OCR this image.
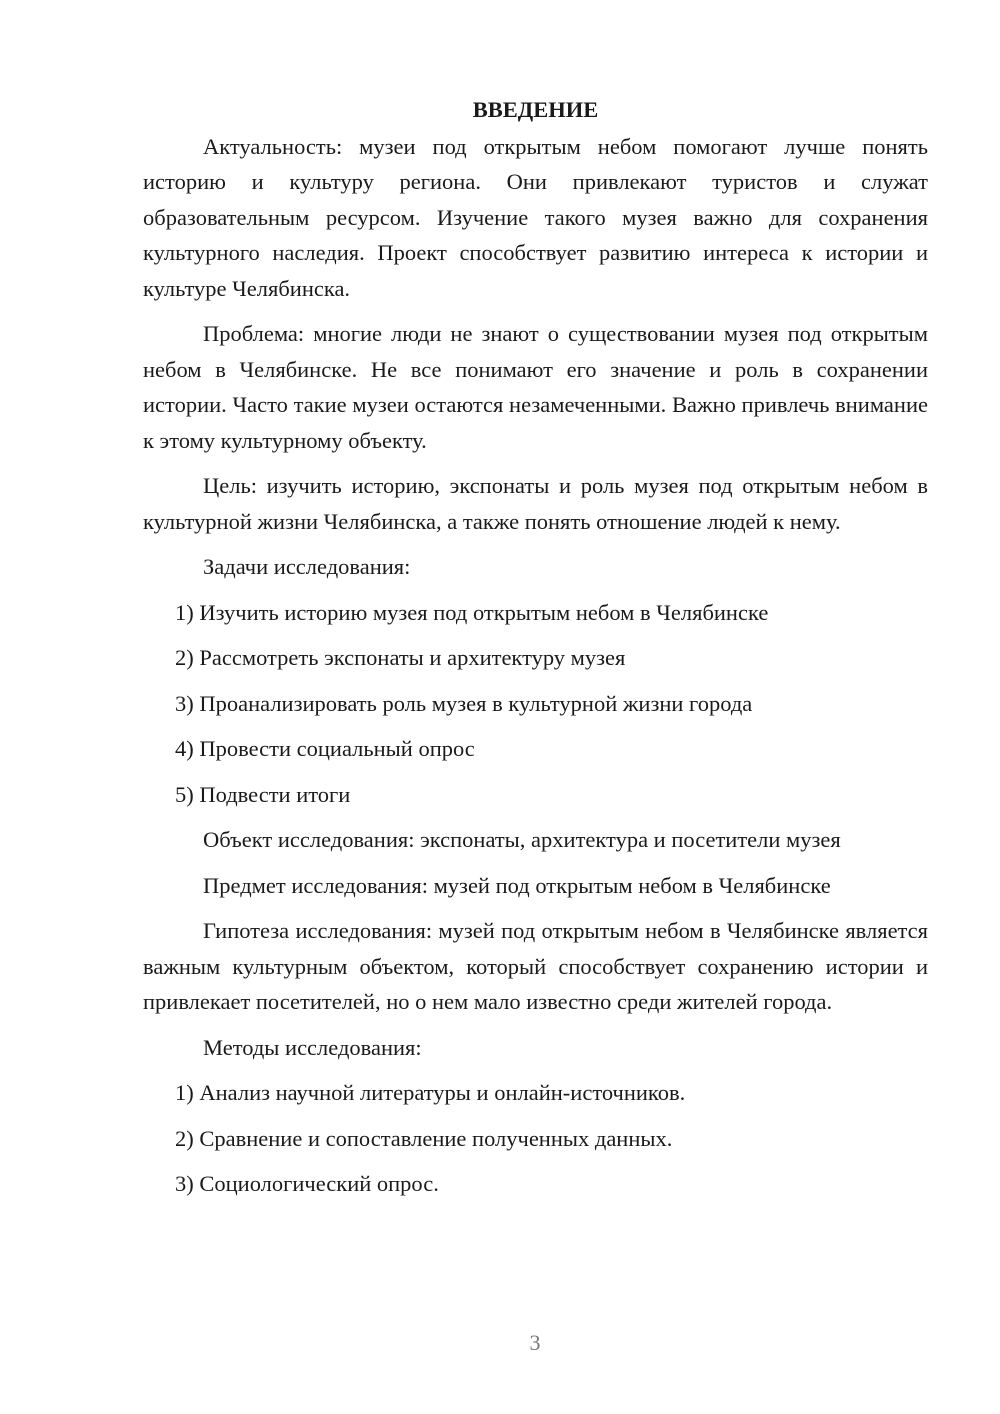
ВВЕДЕНИЕ

Актуальность: музеи под открытым небом помогают лучше понять историю и культуру региона. Они привлекают туристов и служат образовательным ресурсом. Изучение такого музея важно для сохранения культурного наследия. Проект способствует развитию интереса к истории и культуре Челябинска.

Проблема: многие люди не знают о существовании музея под открытым небом в Челябинске. Не все понимают его значение и роль в сохранении истории. Часто такие музеи остаются незамеченными. Важно привлечь внимание к этому культурному объекту.

Цель: изучить историю, экспонаты и роль музея под открытым небом в культурной жизни Челябинска, а также понять отношение людей к нему.

Задачи исследования:

1) Изучить историю музея под открытым небом в Челябинске

2) Рассмотреть экспонаты и архитектуру музея

3) Проанализировать роль музея в культурной жизни города

4) Провести социальный опрос

5) Подвести итоги

Объект исследования: экспонаты, архитектура и посетители музея

Предмет исследования: музей под открытым небом в Челябинске

Гипотеза исследования: музей под открытым небом в Челябинске является важным культурным объектом, который способствует сохранению истории и привлекает посетителей, но о нем мало известно среди жителей города.

Методы исследования:

1) Анализ научной литературы и онлайн-источников.

2) Сравнение и сопоставление полученных данных.

3) Социологический опрос.

3
